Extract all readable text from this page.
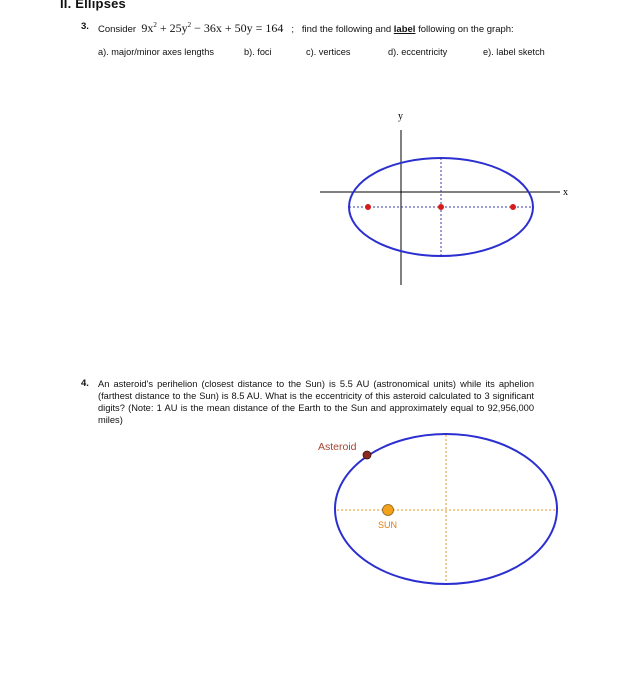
II. Ellipses
3. Consider $9x^2 + 25y^2 - 36x + 50y = 164$ ; find the following and label following on the graph:
a). major/minor axes lengths	b). foci	c). vertices	d). eccentricity	e). label sketch
x
y
4. An asteroid's perihelion (closest distance to the Sun) is 5.5 AU (astronomical units) while its aphelion (farthest distance to the Sun) is 8.5 AU. What is the eccentricity of this asteroid calculated to 3 significant digits? (Note: 1 AU is the mean distance of the Earth to the Sun and approximately equal to 92,956,000 miles)
SUN
Asteroid
